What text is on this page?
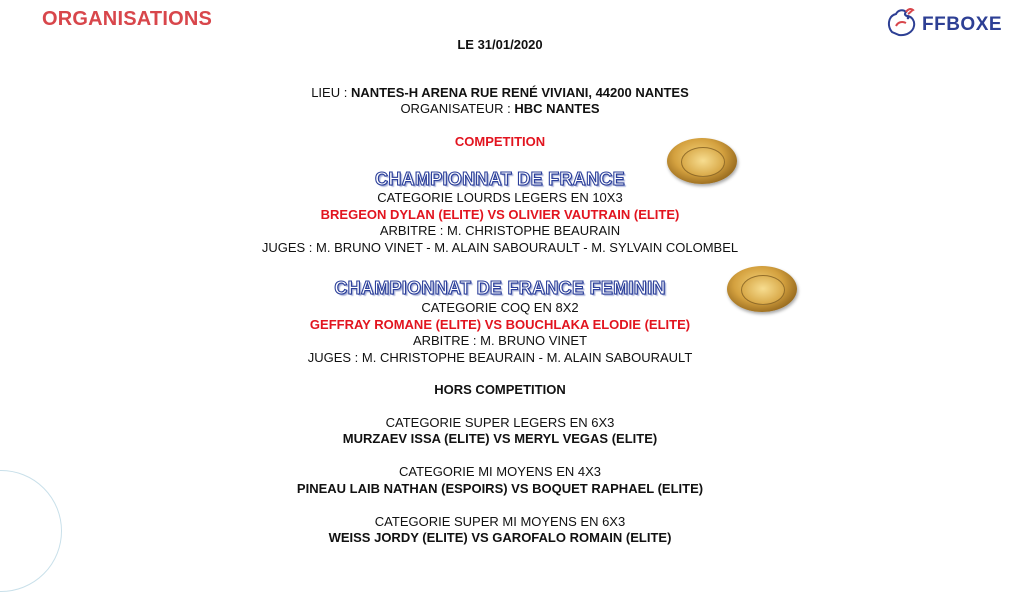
ORGANISATIONS	FFBOXE
LE 31/01/2020
LIEU : NANTES-H ARENA RUE RENÉ VIVIANI, 44200 NANTES
ORGANISATEUR : HBC NANTES
COMPETITION
CHAMPIONNAT DE FRANCE
CATEGORIE LOURDS LEGERS EN 10X3
BREGEON DYLAN (ELITE) VS OLIVIER VAUTRAIN (ELITE)
ARBITRE : M. CHRISTOPHE BEAURAIN
JUGES : M. BRUNO VINET - M. ALAIN SABOURAULT - M. SYLVAIN COLOMBEL
CHAMPIONNAT DE FRANCE FEMININ
CATEGORIE COQ EN 8X2
GEFFRAY ROMANE (ELITE) VS BOUCHLAKA ELODIE (ELITE)
ARBITRE : M. BRUNO VINET
JUGES : M. CHRISTOPHE BEAURAIN - M. ALAIN SABOURAULT
HORS COMPETITION
CATEGORIE SUPER LEGERS EN 6X3
MURZAEV ISSA (ELITE) VS MERYL VEGAS (ELITE)
CATEGORIE MI MOYENS EN 4X3
PINEAU LAIB NATHAN (ESPOIRS) VS BOQUET RAPHAEL (ELITE)
CATEGORIE SUPER MI MOYENS EN 6X3
WEISS JORDY (ELITE) VS GAROFALO ROMAIN (ELITE)
